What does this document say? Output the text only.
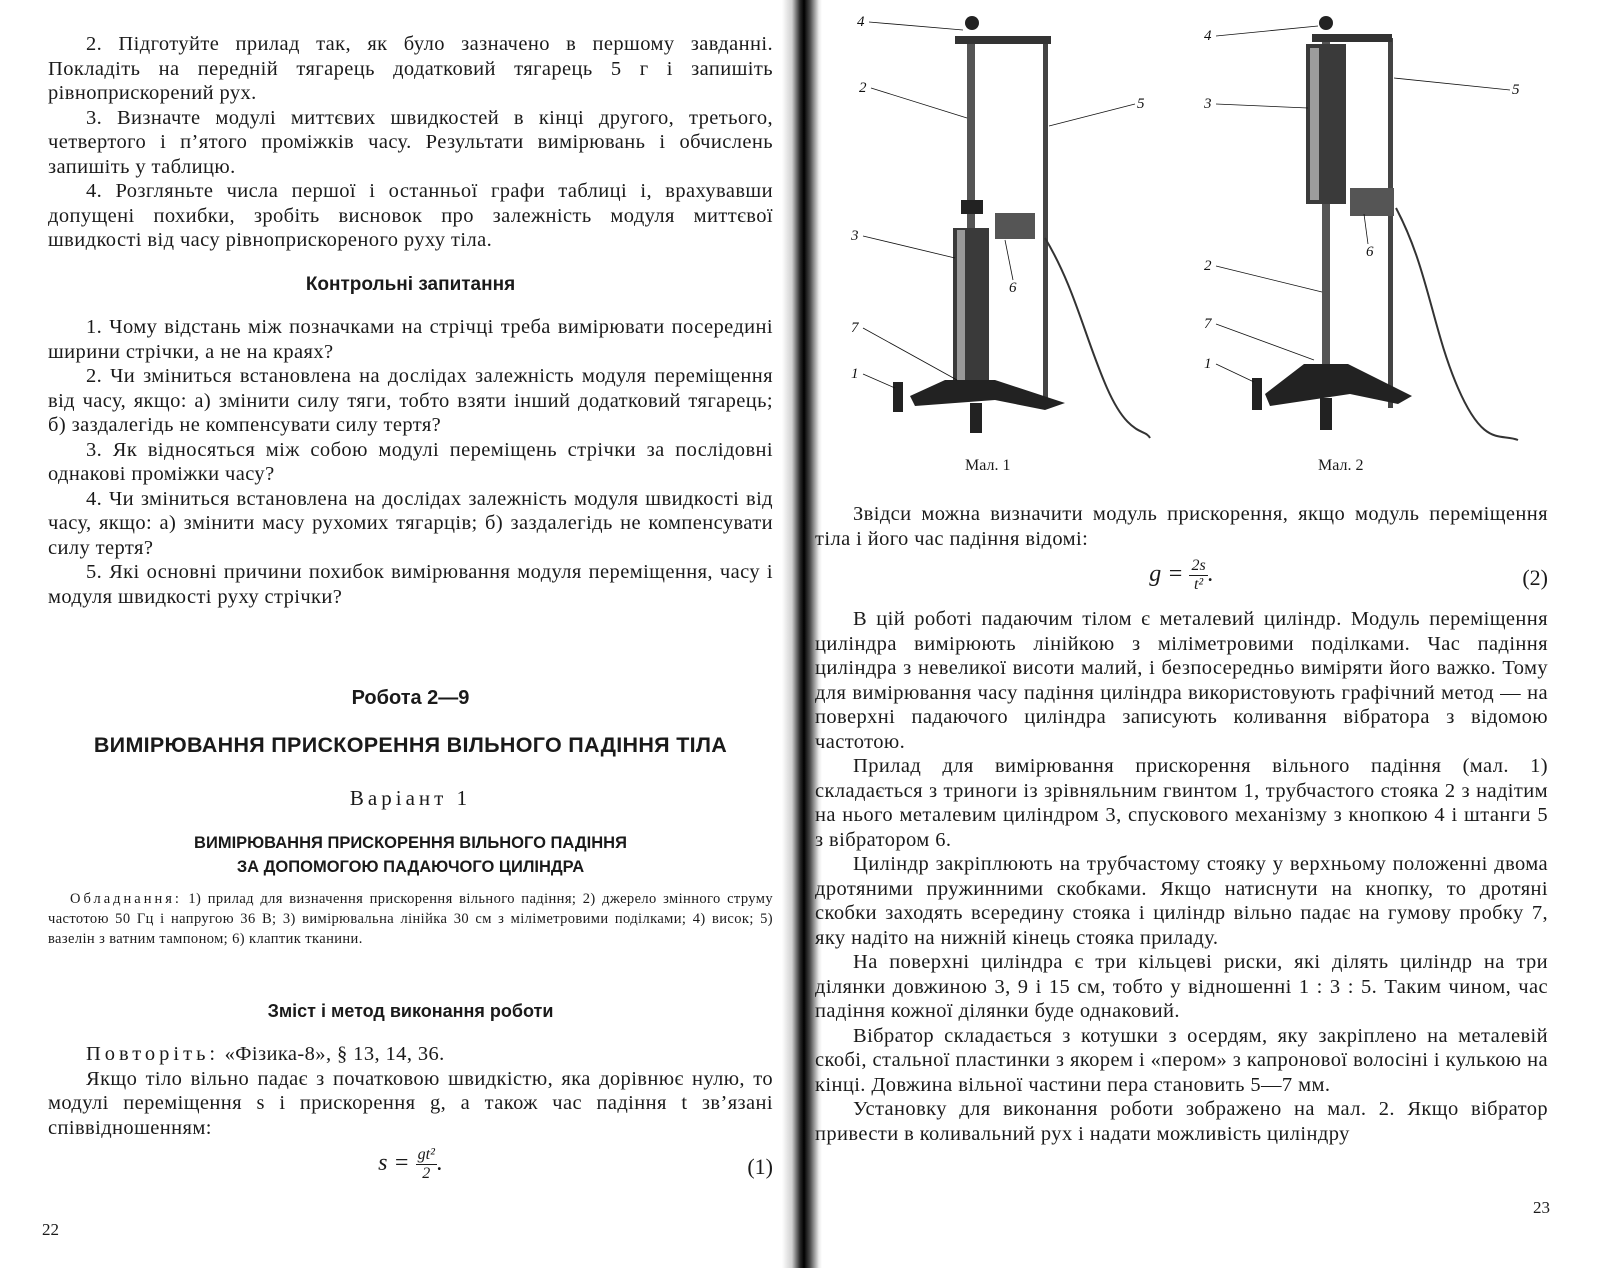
2. Підготуйте прилад так, як було зазначено в першому завданні. Покладіть на передній тягарець додатковий тягарець 5 г і запишіть рівноприскорений рух.

3. Визначте модулі миттєвих швидкостей в кінці другого, третього, четвертого і п’ятого проміжків часу. Результати вимірювань і обчислень запишіть у таблицю.

4. Розгляньте числа першої і останньої графи таблиці і, врахувавши допущені похибки, зробіть висновок про залежність модуля миттєвої швидкості від часу рівноприскореного руху тіла.

Контрольні запитання

1. Чому відстань між позначками на стрічці треба вимірювати посередині ширини стрічки, а не на краях?

2. Чи зміниться встановлена на дослідах залежність модуля переміщення від часу, якщо: а) змінити силу тяги, тобто взяти інший додатковий тягарець; б) заздалегідь не компенсувати силу тертя?

3. Як відносяться між собою модулі переміщень стрічки за послідовні однакові проміжки часу?

4. Чи зміниться встановлена на дослідах залежність модуля швидкості від часу, якщо: а) змінити масу рухомих тягарців; б) заздалегідь не компенсувати силу тертя?

5. Які основні причини похибок вимірювання модуля переміщення, часу і модуля швидкості руху стрічки?

Робота 2—9
ВИМІРЮВАННЯ ПРИСКОРЕННЯ ВІЛЬНОГО ПАДІННЯ ТІЛА
Варіант 1
ВИМІРЮВАННЯ ПРИСКОРЕННЯ ВІЛЬНОГО ПАДІННЯ
ЗА ДОПОМОГОЮ ПАДАЮЧОГО ЦИЛІНДРА

Обладнання: 1) прилад для визначення прискорення вільного падіння; 2) джерело змінного струму частотою 50 Гц і напругою 36 В; 3) вимірювальна лінійка 30 см з міліметровими поділками; 4) висок; 5) вазелін з ватним тампоном; 6) клаптик тканини.

Зміст і метод виконання роботи

Повторіть: «Фізика-8», § 13, 14, 36.

Якщо тіло вільно падає з початковою швидкістю, яка дорівнює нулю, то модулі переміщення s і прискорення g, а також час падіння t зв’язані співвідношенням:

$s = \frac{\text{gt²}}{2}$ .	(1)
22
4
2
5
3
6
7
1
Мал. 1
4
3
5
6
2
7
1
Мал. 2

Звідси можна визначити модуль прискорення, якщо модуль переміщення тіла і його час падіння відомі:

$g = \frac{2s}{\text{t²}}$ .	(2)

В цій роботі падаючим тілом є металевий циліндр. Модуль переміщення циліндра вимірюють лінійкою з міліметровими поділками. Час падіння циліндра з невеликої висоти малий, і безпосередньо виміряти його важко. Тому для вимірювання часу падіння циліндра використовують графічний метод — на поверхні падаючого циліндра записують коливання вібратора з відомою частотою.

Прилад для вимірювання прискорення вільного падіння (мал. 1) складається з триноги із зрівняльним гвинтом 1, трубчастого стояка 2 з надітим на нього металевим циліндром 3, спускового механізму з кнопкою 4 і штанги 5 з вібратором 6.

Циліндр закріплюють на трубчастому стояку у верхньому положенні двома дротяними пружинними скобками. Якщо натиснути на кнопку, то дротяні скобки заходять всередину стояка і циліндр вільно падає на гумову пробку 7, яку надіто на нижній кінець стояка приладу.

На поверхні циліндра є три кільцеві риски, які ділять циліндр на три ділянки довжиною 3, 9 і 15 см, тобто у відношенні 1 : 3 : 5. Таким чином, час падіння кожної ділянки буде однаковий.

Вібратор складається з котушки з осердям, яку закріплено на металевій скобі, стальної пластинки з якорем і «пером» з капронової волосіні і кулькою на кінці. Довжина вільної частини пера становить 5—7 мм.

Установку для виконання роботи зображено на мал. 2. Якщо вібратор привести в коливальний рух і надати можливість циліндру

23
